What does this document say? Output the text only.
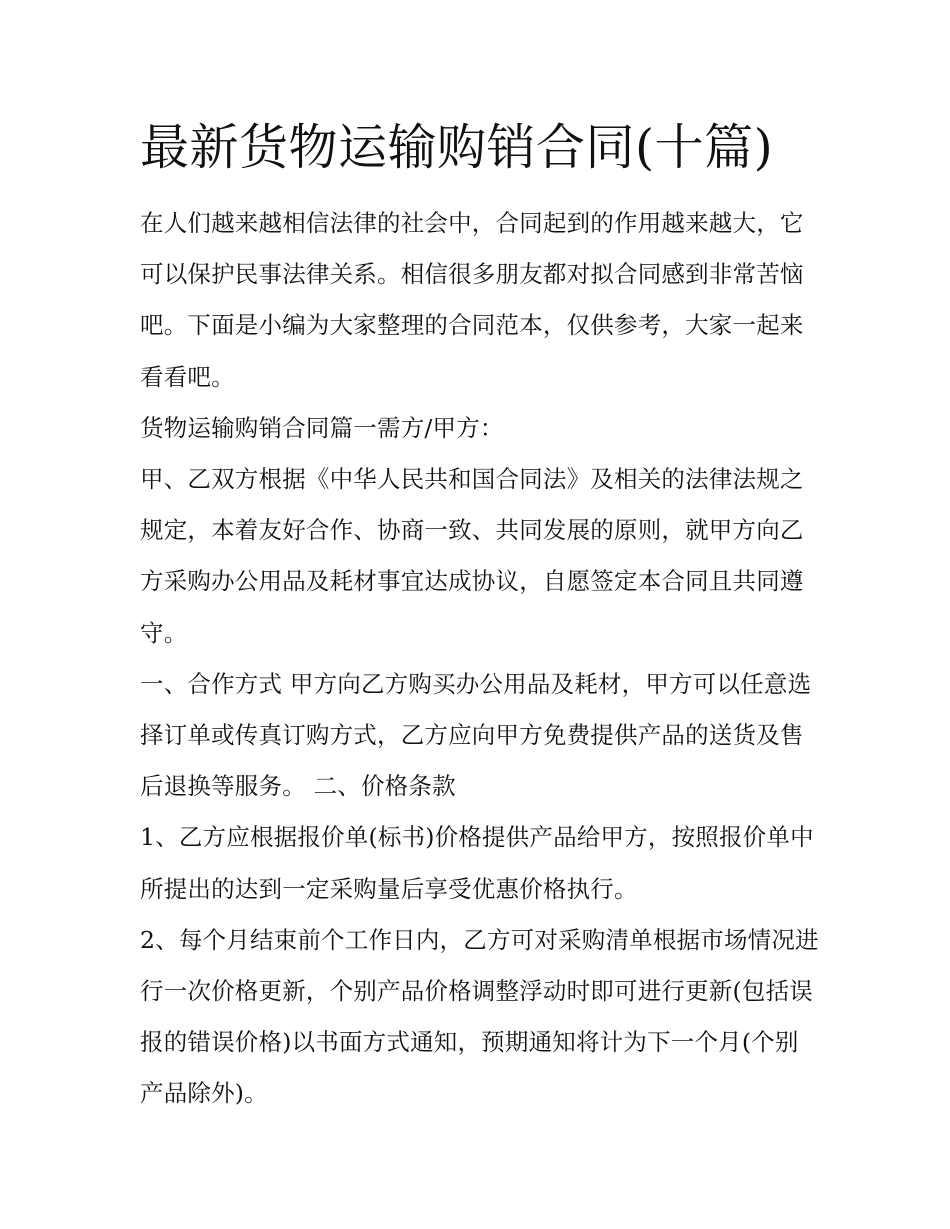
最新货物运输购销合同(十篇)

在人们越来越相信法律的社会中，合同起到的作用越来越大，它可以保护民事法律关系。相信很多朋友都对拟合同感到非常苦恼吧。下面是小编为大家整理的合同范本，仅供参考，大家一起来看看吧。

货物运输购销合同篇一需方/甲方：

甲、乙双方根据《中华人民共和国合同法》及相关的法律法规之规定，本着友好合作、协商一致、共同发展的原则，就甲方向乙方采购办公用品及耗材事宜达成协议，自愿签定本合同且共同遵守。

一、合作方式 甲方向乙方购买办公用品及耗材，甲方可以任意选择订单或传真订购方式，乙方应向甲方免费提供产品的送货及售后退换等服务。 二、价格条款

1、乙方应根据报价单(标书)价格提供产品给甲方，按照报价单中所提出的达到一定采购量后享受优惠价格执行。

2、每个月结束前个工作日内，乙方可对采购清单根据市场情况进行一次价格更新，个别产品价格调整浮动时即可进行更新(包括误报的错误价格)以书面方式通知，预期通知将计为下一个月(个别产品除外)。
